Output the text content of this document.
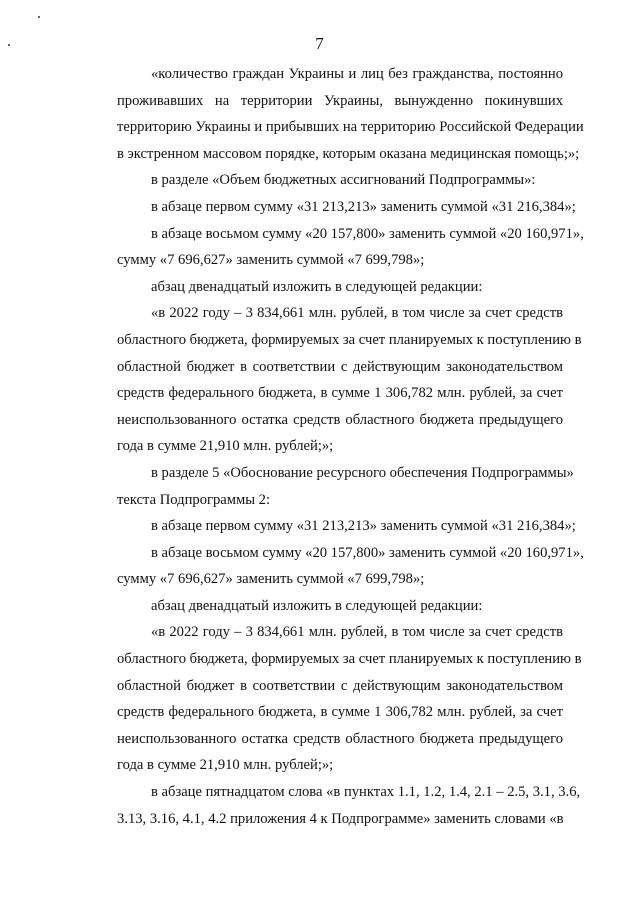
7

«количество граждан Украины и лиц без гражданства, постоянно
проживавших на территории Украины, вынужденно покинувших
территорию Украины и прибывших на территорию Российской Федерации
в экстренном массовом порядке, которым оказана медицинская помощь;»;

в разделе «Объем бюджетных ассигнований Подпрограммы»:

в абзаце первом сумму «31 213,213» заменить суммой «31 216,384»;

в абзаце восьмом сумму «20 157,800» заменить суммой «20 160,971»,
сумму «7 696,627» заменить суммой «7 699,798»;

абзац двенадцатый изложить в следующей редакции:

«в 2022 году – 3 834,661 млн. рублей, в том числе за счет средств
областного бюджета, формируемых за счет планируемых к поступлению в
областной бюджет в соответствии с действующим законодательством
средств федерального бюджета, в сумме 1 306,782 млн. рублей, за счет
неиспользованного остатка средств областного бюджета предыдущего
года в сумме 21,910 млн. рублей;»;

в разделе 5 «Обоснование ресурсного обеспечения Подпрограммы»
текста Подпрограммы 2:

в абзаце первом сумму «31 213,213» заменить суммой «31 216,384»;

в абзаце восьмом сумму «20 157,800» заменить суммой «20 160,971»,
сумму «7 696,627» заменить суммой «7 699,798»;

абзац двенадцатый изложить в следующей редакции:

«в 2022 году – 3 834,661 млн. рублей, в том числе за счет средств
областного бюджета, формируемых за счет планируемых к поступлению в
областной бюджет в соответствии с действующим законодательством
средств федерального бюджета, в сумме 1 306,782 млн. рублей, за счет
неиспользованного остатка средств областного бюджета предыдущего
года в сумме 21,910 млн. рублей;»;

в абзаце пятнадцатом слова «в пунктах 1.1, 1.2, 1.4, 2.1 – 2.5, 3.1, 3.6,
3.13, 3.16, 4.1, 4.2 приложения 4 к Подпрограмме» заменить словами «в
